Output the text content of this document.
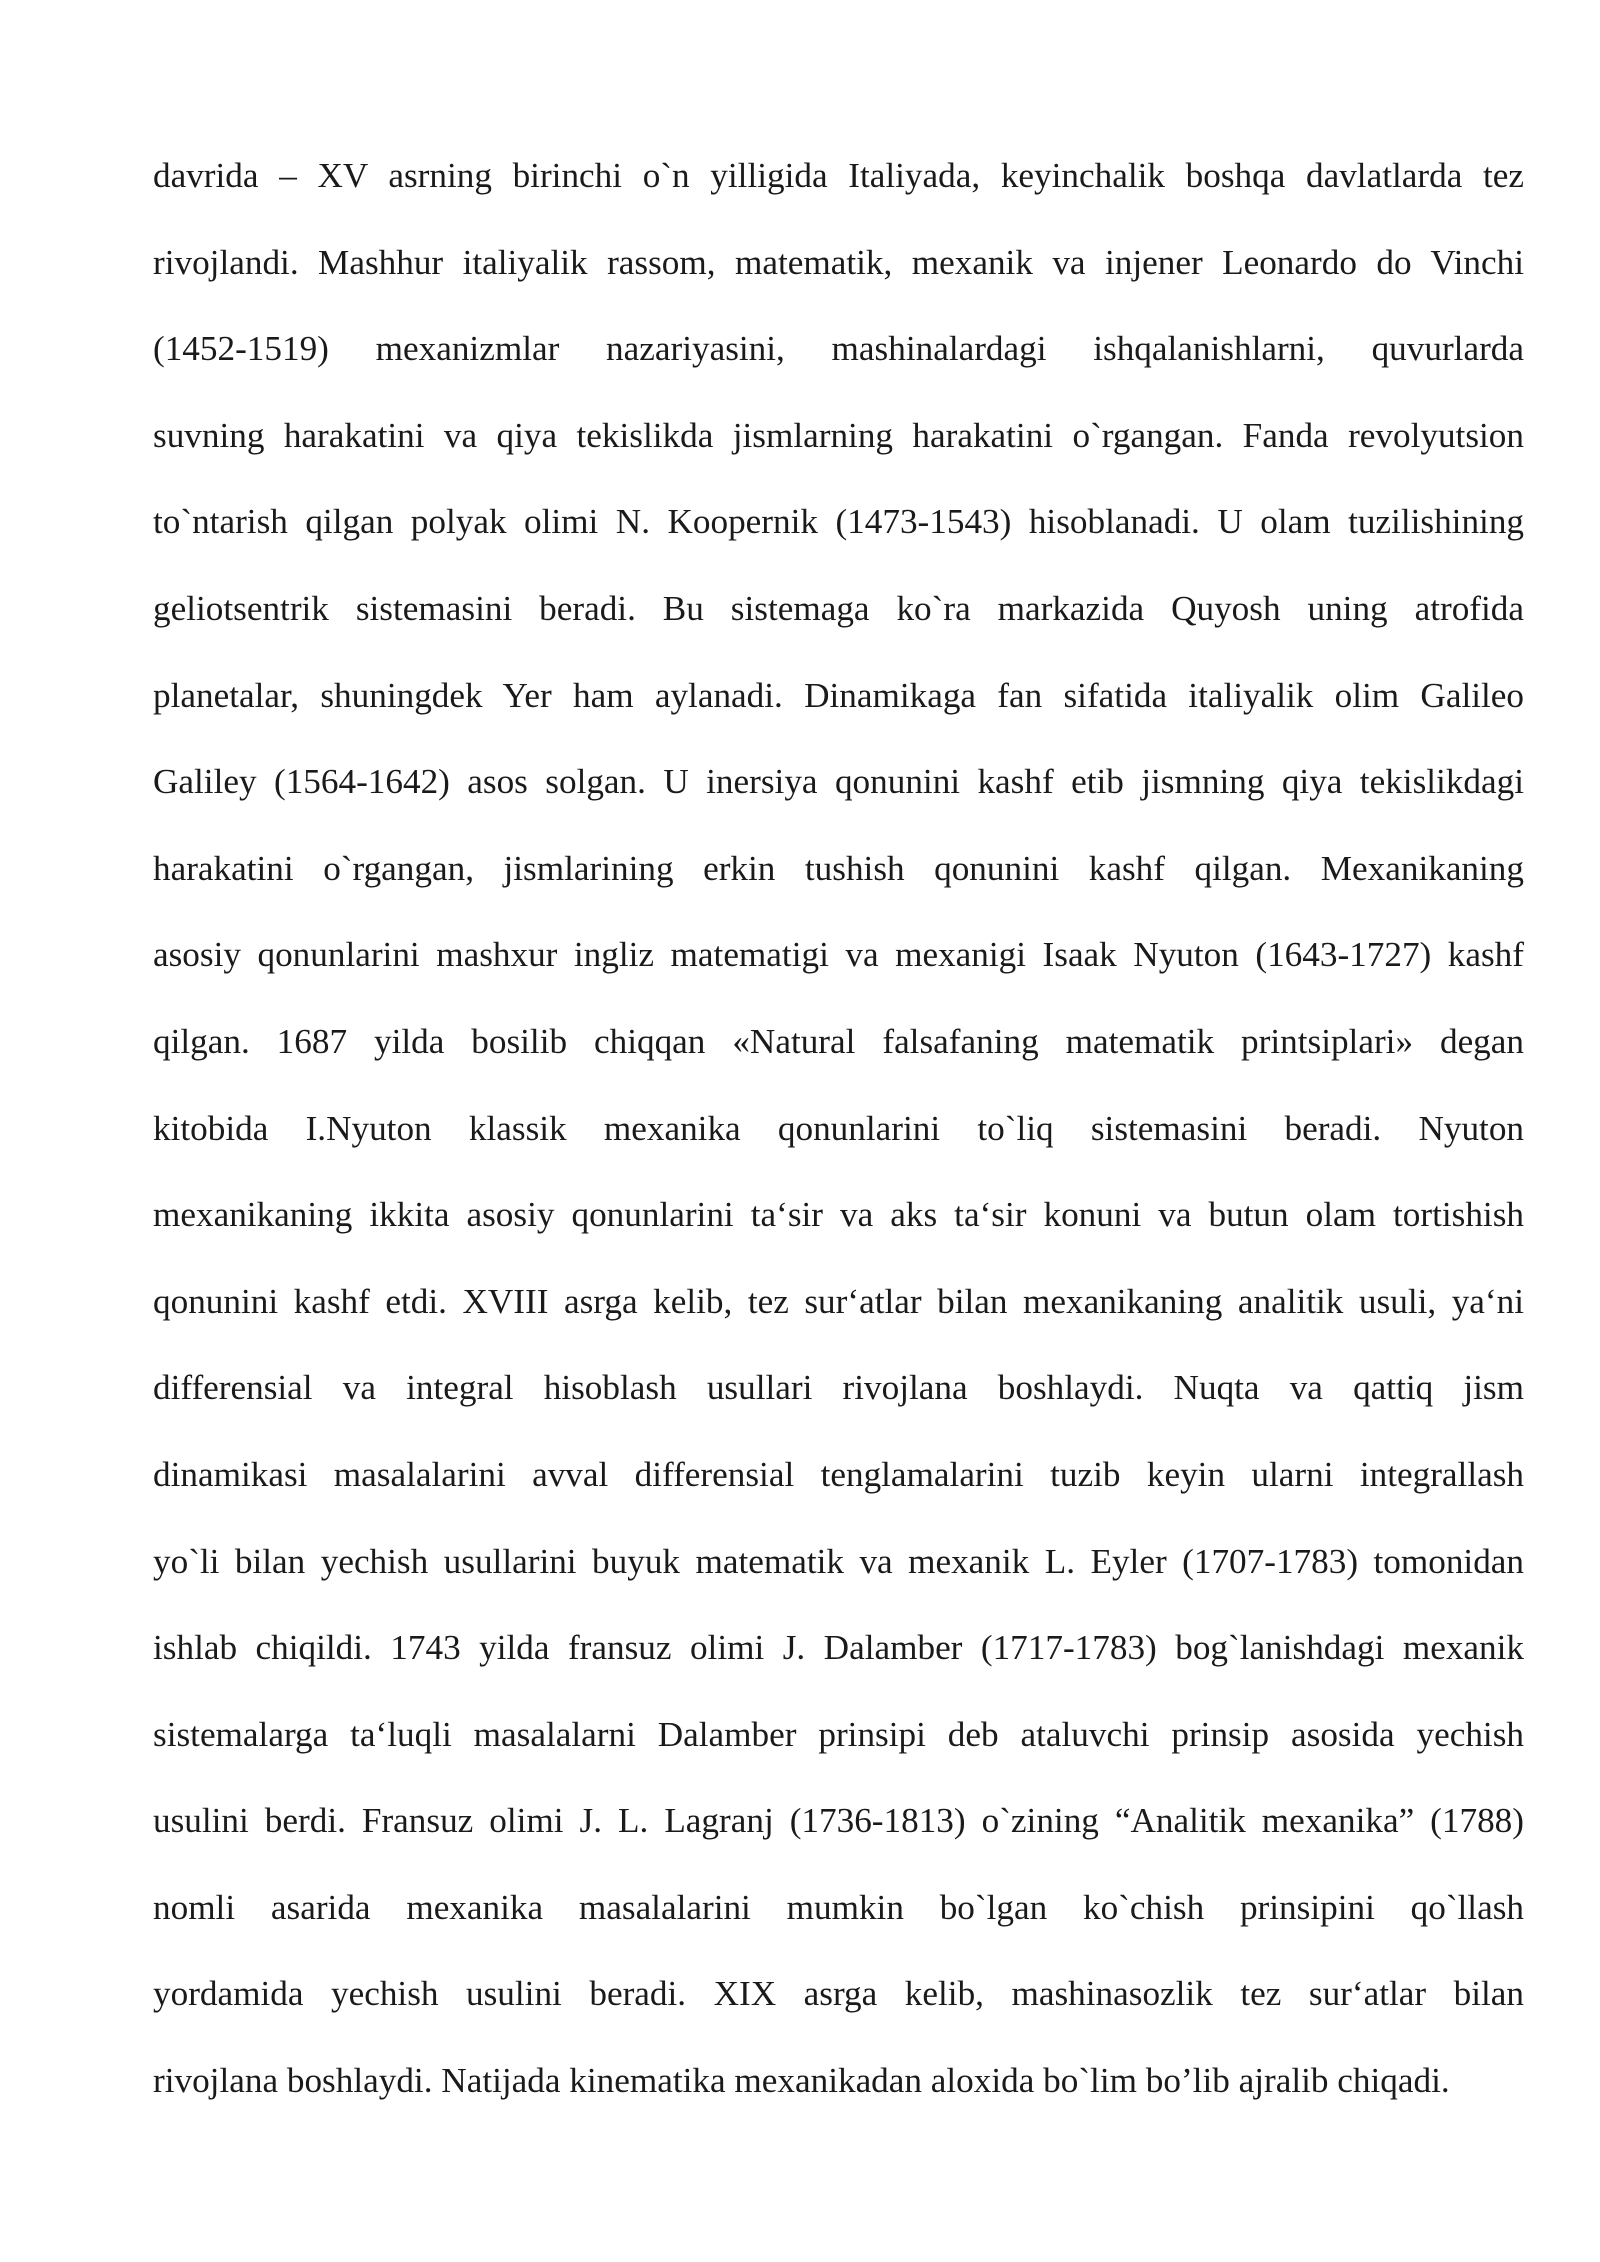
davrida – XV asrning birinchi o`n yilligida Italiyada, keyinchalik boshqa davlatlarda tez
rivojlandi. Mashhur italiyalik rassom, matematik, mexanik va injener Leonardo do Vinchi
(1452-1519) mexanizmlar nazariyasini, mashinalardagi ishqalanishlarni, quvurlarda
suvning harakatini va qiya tekislikda jismlarning harakatini o`rgangan. Fanda revolyutsion
to`ntarish qilgan polyak olimi N. Koopernik (1473-1543) hisoblanadi. U olam tuzilishining
geliotsentrik sistemasini beradi. Bu sistemaga ko`ra markazida Quyosh uning atrofida
planetalar, shuningdek Yer ham aylanadi. Dinamikaga fan sifatida italiyalik olim Galileo
Galiley (1564-1642) asos solgan. U inersiya qonunini kashf etib jismning qiya tekislikdagi
harakatini o`rgangan, jismlarining erkin tushish qonunini kashf qilgan. Mexanikaning
asosiy qonunlarini mashxur ingliz matematigi va mexanigi Isaak Nyuton (1643-1727) kashf
qilgan. 1687 yilda bosilib chiqqan «Natural falsafaning matematik printsiplari» degan
kitobida I.Nyuton klassik mexanika qonunlarini to`liq sistemasini beradi. Nyuton
mexanikaning ikkita asosiy qonunlarini ta‘sir va aks ta‘sir konuni va butun olam tortishish
qonunini kashf etdi. XVIII asrga kelib, tez sur‘atlar bilan mexanikaning analitik usuli, ya‘ni
differensial va integral hisoblash usullari rivojlana boshlaydi. Nuqta va qattiq jism
dinamikasi masalalarini avval differensial tenglamalarini tuzib keyin ularni integrallash
yo`li bilan yechish usullarini buyuk matematik va mexanik L. Eyler (1707-1783) tomonidan
ishlab chiqildi. 1743 yilda fransuz olimi J. Dalamber (1717-1783) bog`lanishdagi mexanik
sistemalarga ta‘luqli masalalarni Dalamber prinsipi deb ataluvchi prinsip asosida yechish
usulini berdi. Fransuz olimi J. L. Lagranj (1736-1813) o`zining “Analitik mexanika” (1788)
nomli asarida mexanika masalalarini mumkin bo`lgan ko`chish prinsipini qo`llash
yordamida yechish usulini beradi. XIX asrga kelib, mashinasozlik tez sur‘atlar bilan
rivojlana boshlaydi. Natijada kinematika mexanikadan aloxida bo`lim bo’lib ajralib chiqadi.
